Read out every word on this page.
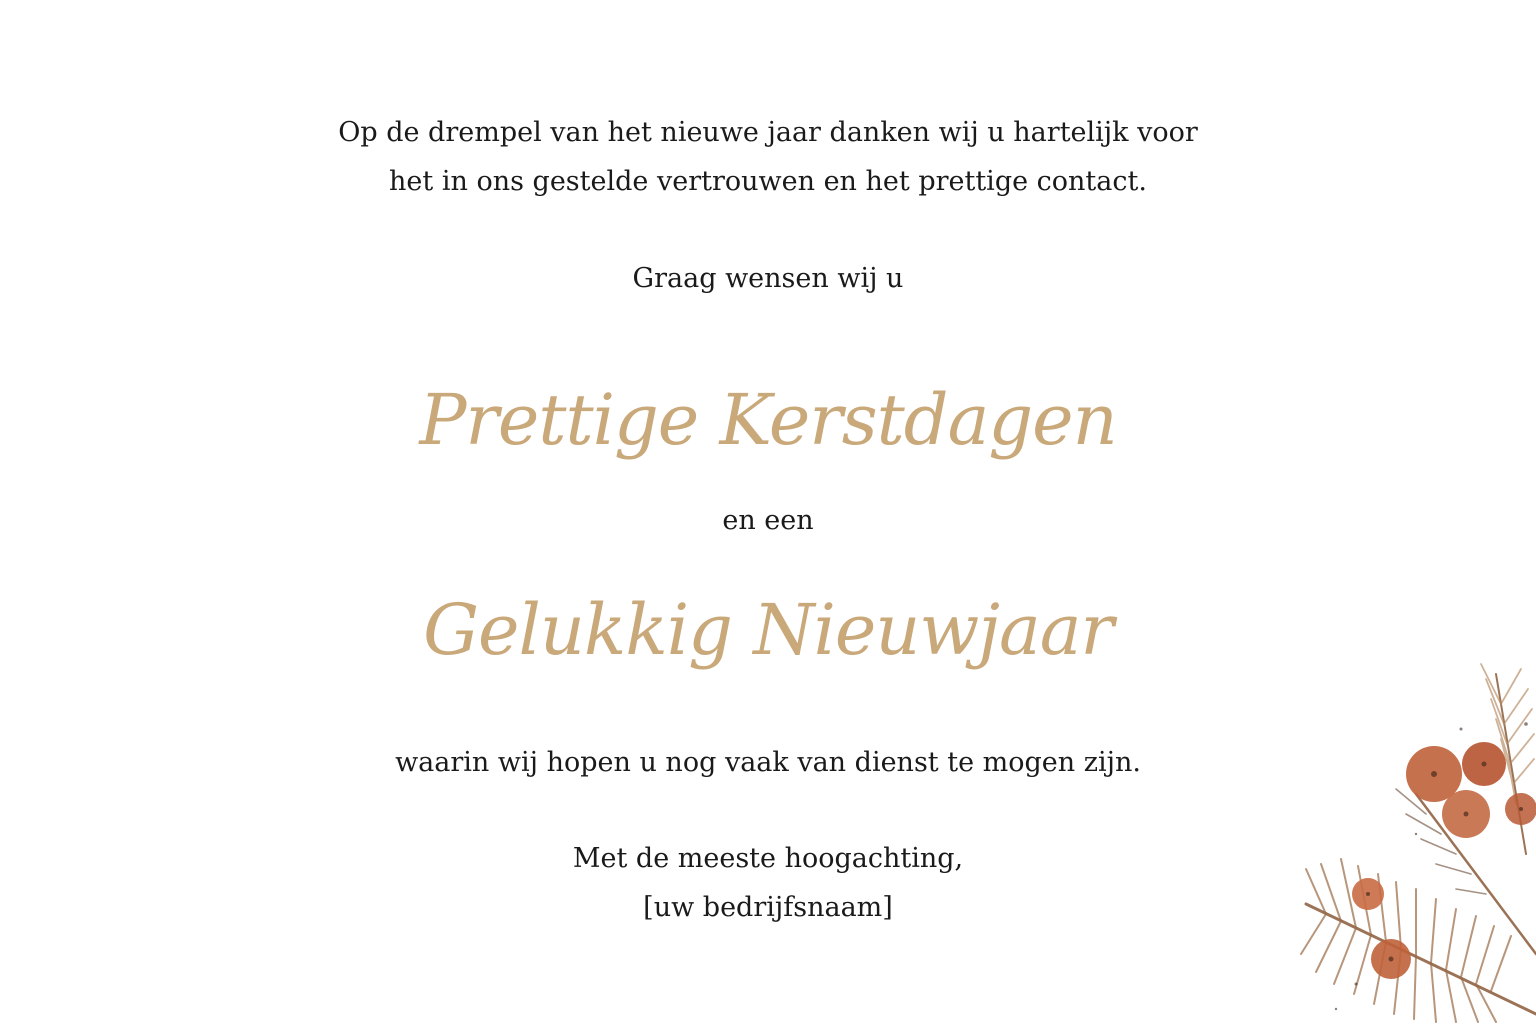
Op de drempel van het nieuwe jaar danken wij u hartelijk voor
het in ons gestelde vertrouwen en het prettige contact.

Graag wensen wij u

Prettige Kerstdagen

en een

Gelukkig Nieuwjaar

waarin wij hopen u nog vaak van dienst te mogen zijn.

Met de meeste hoogachting,
[uw bedrijfsnaam]
